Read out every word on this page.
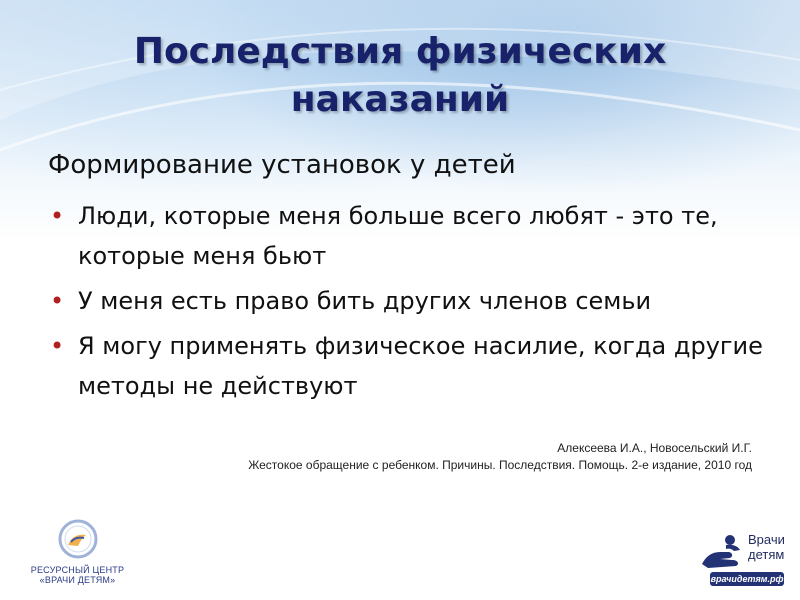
Последствия физических наказаний
Формирование установок у детей
• Люди, которые меня больше всего любят - это те, которые меня бьют
• У меня есть право бить других членов семьи
• Я могу применять физическое насилие, когда другие методы не действуют
Алексеева И.А., Новосельский И.Г.
Жестокое обращение с ребенком. Причины. Последствия. Помощь. 2-е издание, 2010 год
РЕСУРСНЫЙ ЦЕНТР
«ВРАЧИ ДЕТЯМ»
Врачи
детям
врачидетям.рф
